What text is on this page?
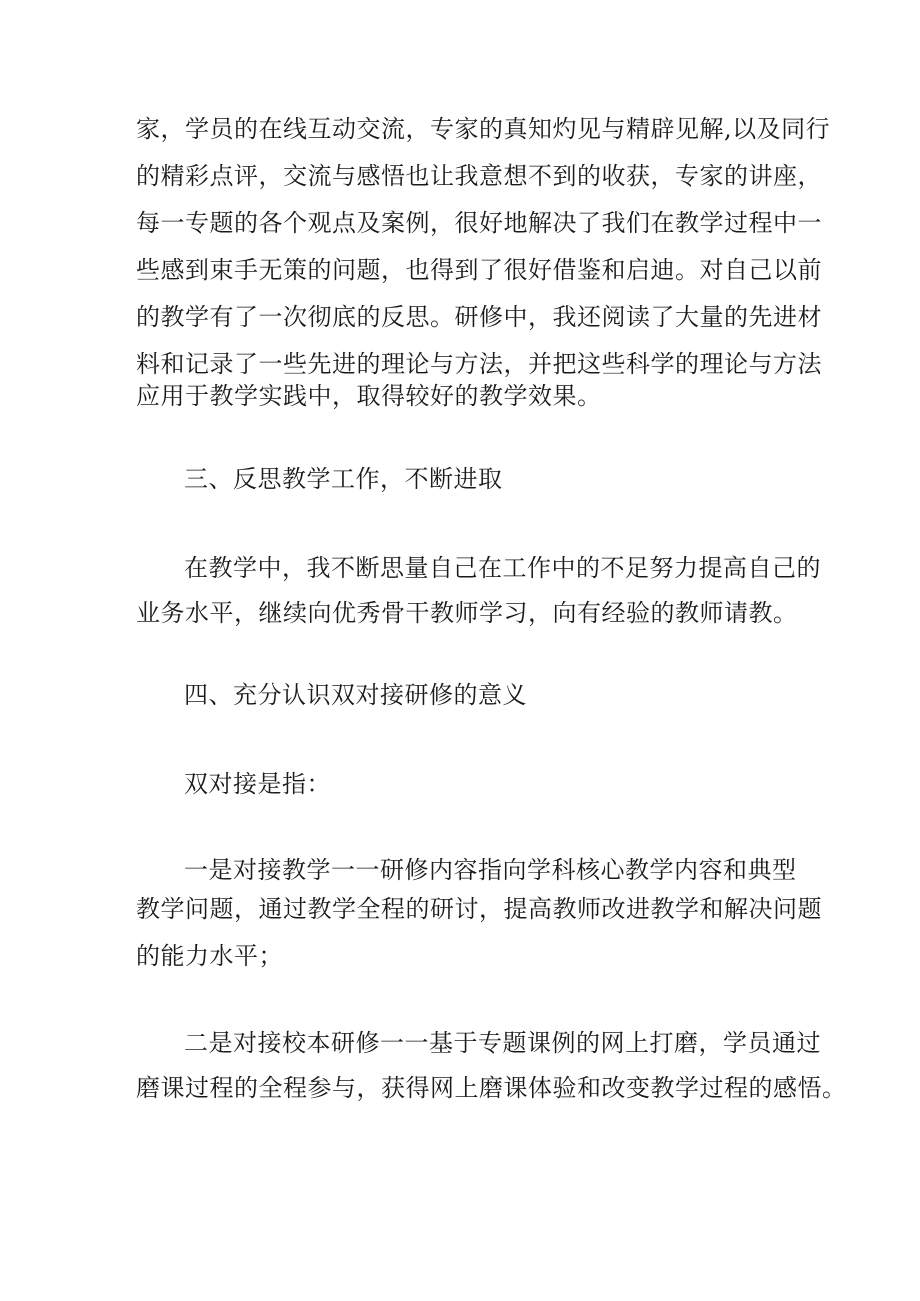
家，学员的在线互动交流，专家的真知灼见与精辟见解,以及同行
的精彩点评，交流与感悟也让我意想不到的收获，专家的讲座，
每一专题的各个观点及案例，很好地解决了我们在教学过程中一
些感到束手无策的问题，也得到了很好借鉴和启迪。对自己以前
的教学有了一次彻底的反思。研修中，我还阅读了大量的先进材
料和记录了一些先进的理论与方法，并把这些科学的理论与方法
应用于教学实践中，取得较好的教学效果。
三、反思教学工作，不断进取
在教学中，我不断思量自己在工作中的不足努力提高自己的
业务水平，继续向优秀骨干教师学习，向有经验的教师请教。
四、充分认识双对接研修的意义
双对接是指：
一是对接教学一一研修内容指向学科核心教学内容和典型
教学问题，通过教学全程的研讨，提高教师改进教学和解决问题
的能力水平；
二是对接校本研修一一基于专题课例的网上打磨，学员通过
磨课过程的全程参与，获得网上磨课体验和改变教学过程的感悟。
